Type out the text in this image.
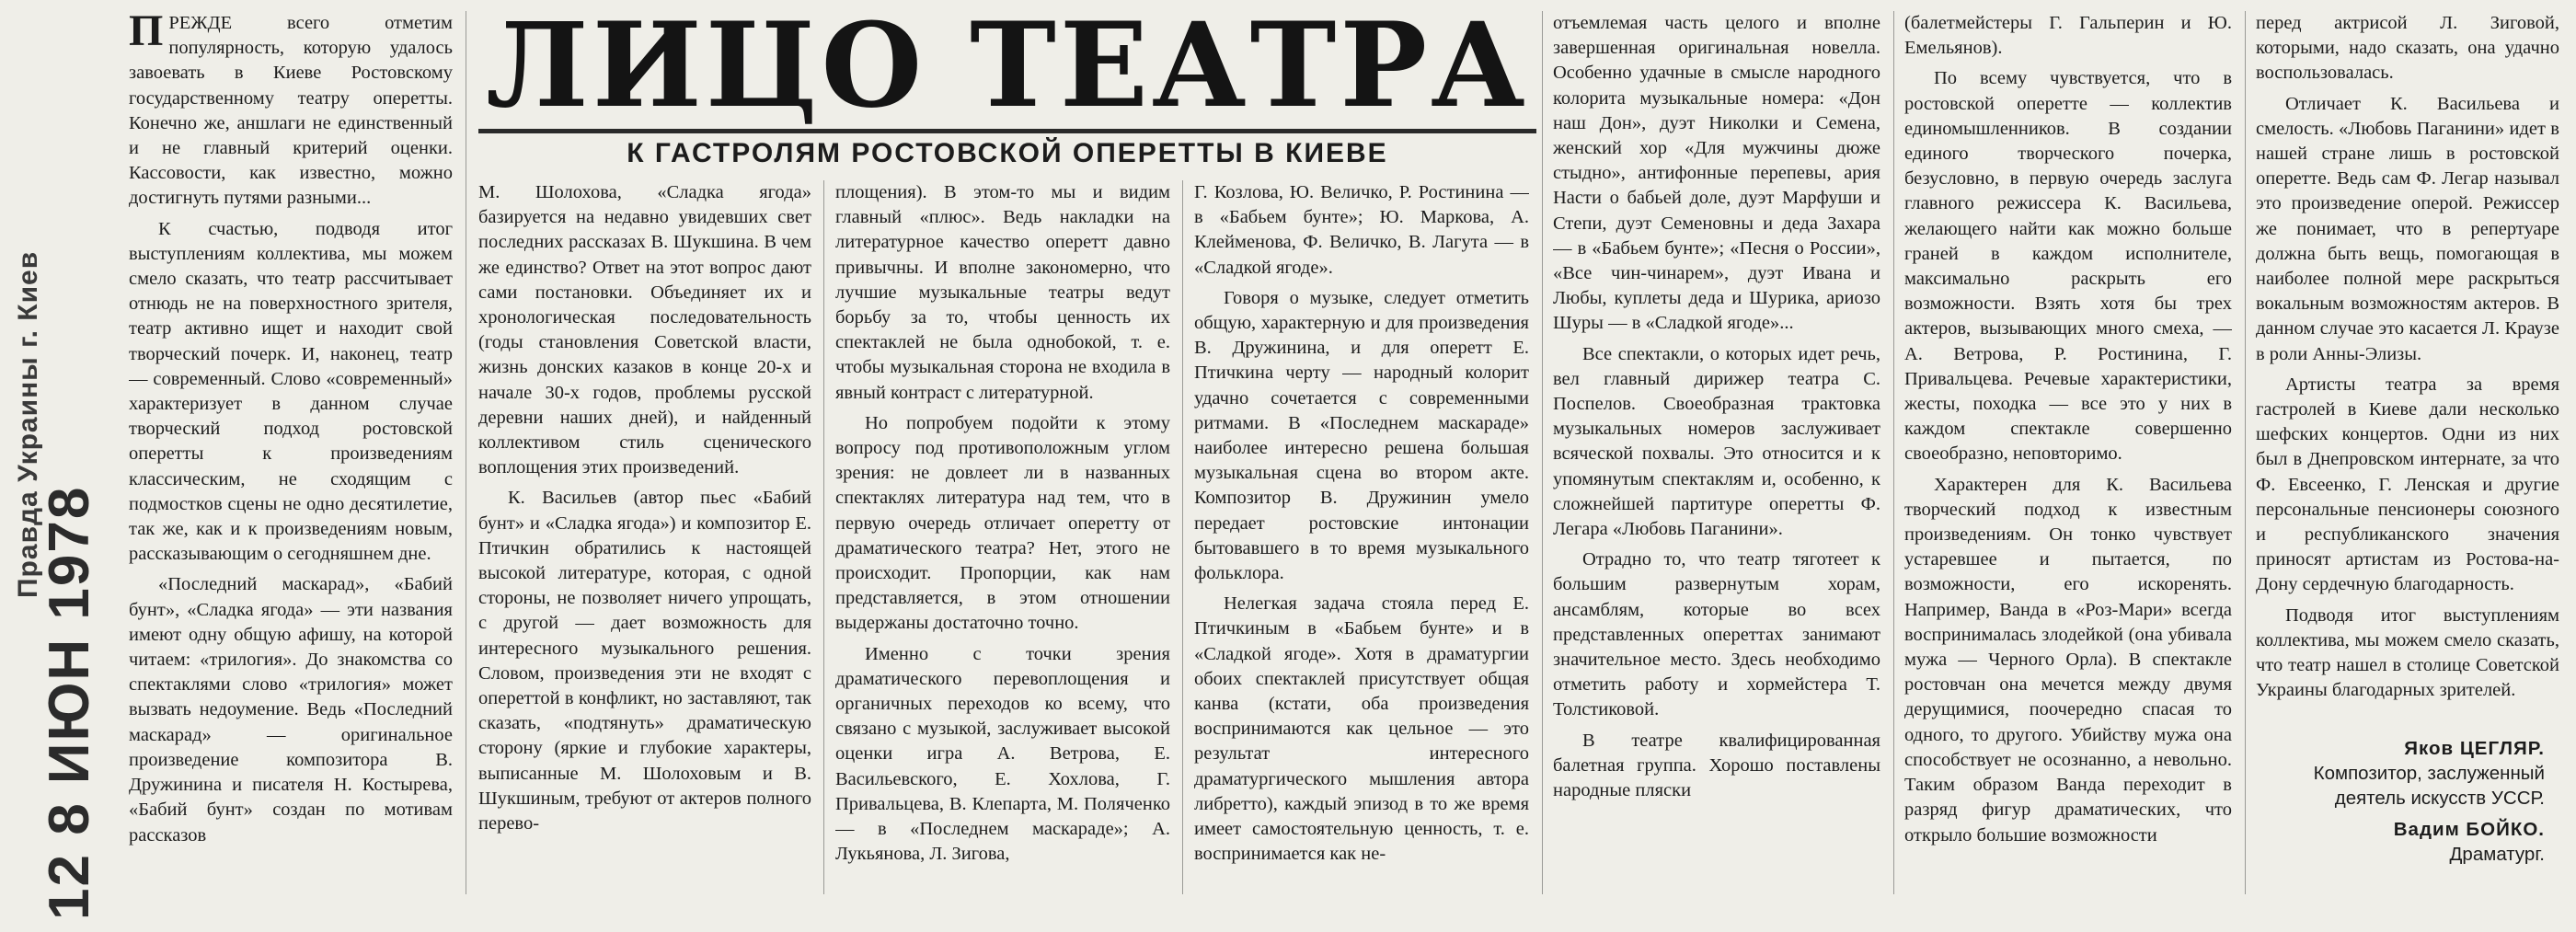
Правда Украины г. Киев
12 8 ИЮН 1978

ПРЕЖДЕ всего отметим популярность, которую удалось завоевать в Киеве Ростовскому государственному театру оперетты. Конечно же, аншлаги не единственный и не главный критерий оценки. Кассовости, как известно, можно достигнуть путями разными...

К счастью, подводя итог выступлениям коллектива, мы можем смело сказать, что театр рассчитывает отнюдь не на поверхностного зрителя, театр активно ищет и находит свой творческий почерк. И, наконец, театр — современный. Слово «современный» характеризует в данном случае творческий подход ростовской оперетты к произведениям классическим, не сходящим с подмостков сцены не одно десятилетие, так же, как и к произведениям новым, рассказывающим о сегодняшнем дне.

«Последний маскарад», «Бабий бунт», «Сладка ягода» — эти названия имеют одну общую афишу, на которой читаем: «трилогия». До знакомства со спектаклями слово «трилогия» может вызвать недоумение. Ведь «Последний маскарад» — оригинальное произведение композитора В. Дружинина и писателя Н. Костырева, «Бабий бунт» создан по мотивам рассказов

ЛИЦО ТЕАТРА
К ГАСТРОЛЯМ РОСТОВСКОЙ ОПЕРЕТТЫ В КИЕВЕ

М. Шолохова, «Сладка ягода» базируется на недавно увидевших свет последних рассказах В. Шукшина. В чем же единство? Ответ на этот вопрос дают сами постановки. Объединяет их и хронологическая последовательность (годы становления Советской власти, жизнь донских казаков в конце 20-х и начале 30-х годов, проблемы русской деревни наших дней), и найденный коллективом стиль сценического воплощения этих произведений.

К. Васильев (автор пьес «Бабий бунт» и «Сладка ягода») и композитор Е. Птичкин обратились к настоящей высокой литературе, которая, с одной стороны, не позволяет ничего упрощать, с другой — дает возможность для интересного музыкального решения. Словом, произведения эти не входят с опереттой в конфликт, но заставляют, так сказать, «подтянуть» драматическую сторону (яркие и глубокие характеры, выписанные М. Шолоховым и В. Шукшиным, требуют от актеров полного перево-

площения). В этом-то мы и видим главный «плюс». Ведь накладки на литературное качество оперетт давно привычны. И вполне закономерно, что лучшие музыкальные театры ведут борьбу за то, чтобы ценность их спектаклей не была однобокой, т. е. чтобы музыкальная сторона не входила в явный контраст с литературной.

Но попробуем подойти к этому вопросу под противоположным углом зрения: не довлеет ли в названных спектаклях литература над тем, что в первую очередь отличает оперетту от драматического театра? Нет, этого не происходит. Пропорции, как нам представляется, в этом отношении выдержаны достаточно точно.

Именно с точки зрения драматического перевоплощения и органичных переходов ко всему, что связано с музыкой, заслуживает высокой оценки игра А. Ветрова, Е. Васильевского, Е. Хохлова, Г. Привальцева, В. Клепарта, М. Поляченко — в «Последнем маскараде»; А. Лукьянова, Л. Зигова,

Г. Козлова, Ю. Величко, Р. Ростинина — в «Бабьем бунте»; Ю. Маркова, А. Клейменова, Ф. Величко, В. Лагута — в «Сладкой ягоде».

Говоря о музыке, следует отметить общую, характерную и для произведения В. Дружинина, и для оперетт Е. Птичкина черту — народный колорит удачно сочетается с современными ритмами. В «Последнем маскараде» наиболее интересно решена большая музыкальная сцена во втором акте. Композитор В. Дружинин умело передает ростовские интонации бытовавшего в то время музыкального фольклора.

Нелегкая задача стояла перед Е. Птичкиным в «Бабьем бунте» и в «Сладкой ягоде». Хотя в драматургии обоих спектаклей присутствует общая канва (кстати, оба произведения воспринимаются как цельное — это результат интересного драматургического мышления автора либретто), каждый эпизод в то же время имеет самостоятельную ценность, т. е. воспринимается как не-

отъемлемая часть целого и вполне завершенная оригинальная новелла. Особенно удачные в смысле народного колорита музыкальные номера: «Дон наш Дон», дуэт Николки и Семена, женский хор «Для мужчины дюже стыдно», антифонные перепевы, ария Насти о бабьей доле, дуэт Марфуши и Степи, дуэт Семеновны и деда Захара — в «Бабьем бунте»; «Песня о России», «Все чин-чинарем», дуэт Ивана и Любы, куплеты деда и Шурика, ариозо Шуры — в «Сладкой ягоде»...

Все спектакли, о которых идет речь, вел главный дирижер театра С. Поспелов. Своеобразная трактовка музыкальных номеров заслуживает всяческой похвалы. Это относится и к упомянутым спектаклям и, особенно, к сложнейшей партитуре оперетты Ф. Легара «Любовь Паганини».

Отрадно то, что театр тяготеет к большим развернутым хорам, ансамблям, которые во всех представленных опереттах занимают значительное место. Здесь необходимо отметить работу и хормейстера Т. Толстиковой.

В театре квалифицированная балетная группа. Хорошо поставлены народные пляски

(балетмейстеры Г. Гальперин и Ю. Емельянов).

По всему чувствуется, что в ростовской оперетте — коллектив единомышленников. В создании единого творческого почерка, безусловно, в первую очередь заслуга главного режиссера К. Васильева, желающего найти как можно больше граней в каждом исполнителе, максимально раскрыть его возможности. Взять хотя бы трех актеров, вызывающих много смеха, — А. Ветрова, Р. Ростинина, Г. Привальцева. Речевые характеристики, жесты, походка — все это у них в каждом спектакле совершенно своеобразно, неповторимо.

Характерен для К. Васильева творческий подход к известным произведениям. Он тонко чувствует устаревшее и пытается, по возможности, его искоренять. Например, Ванда в «Роз-Мари» всегда воспринималась злодейкой (она убивала мужа — Черного Орла). В спектакле ростовчан она мечется между двумя дерущимися, поочередно спасая то одного, то другого. Убийству мужа она способствует не осознанно, а невольно. Таким образом Ванда переходит в разряд фигур драматических, что открыло большие возможности

перед актрисой Л. Зиговой, которыми, надо сказать, она удачно воспользовалась.

Отличает К. Васильева и смелость. «Любовь Паганини» идет в нашей стране лишь в ростовской оперетте. Ведь сам Ф. Легар называл это произведение оперой. Режиссер же понимает, что в репертуаре должна быть вещь, помогающая в наиболее полной мере раскрыться вокальным возможностям актеров. В данном случае это касается Л. Краузе в роли Анны-Элизы.

Артисты театра за время гастролей в Киеве дали несколько шефских концертов. Одни из них был в Днепровском интернате, за что Ф. Евсеенко, Г. Ленская и другие персональные пенсионеры союзного и республиканского значения приносят артистам из Ростова-на-Дону сердечную благодарность.

Подводя итог выступлениям коллектива, мы можем смело сказать, что театр нашел в столице Советской Украины благодарных зрителей.

Яков ЦЕГЛЯР.
Композитор, заслуженный
деятель искусств УССР.
Вадим БОЙКО.
Драматург.
